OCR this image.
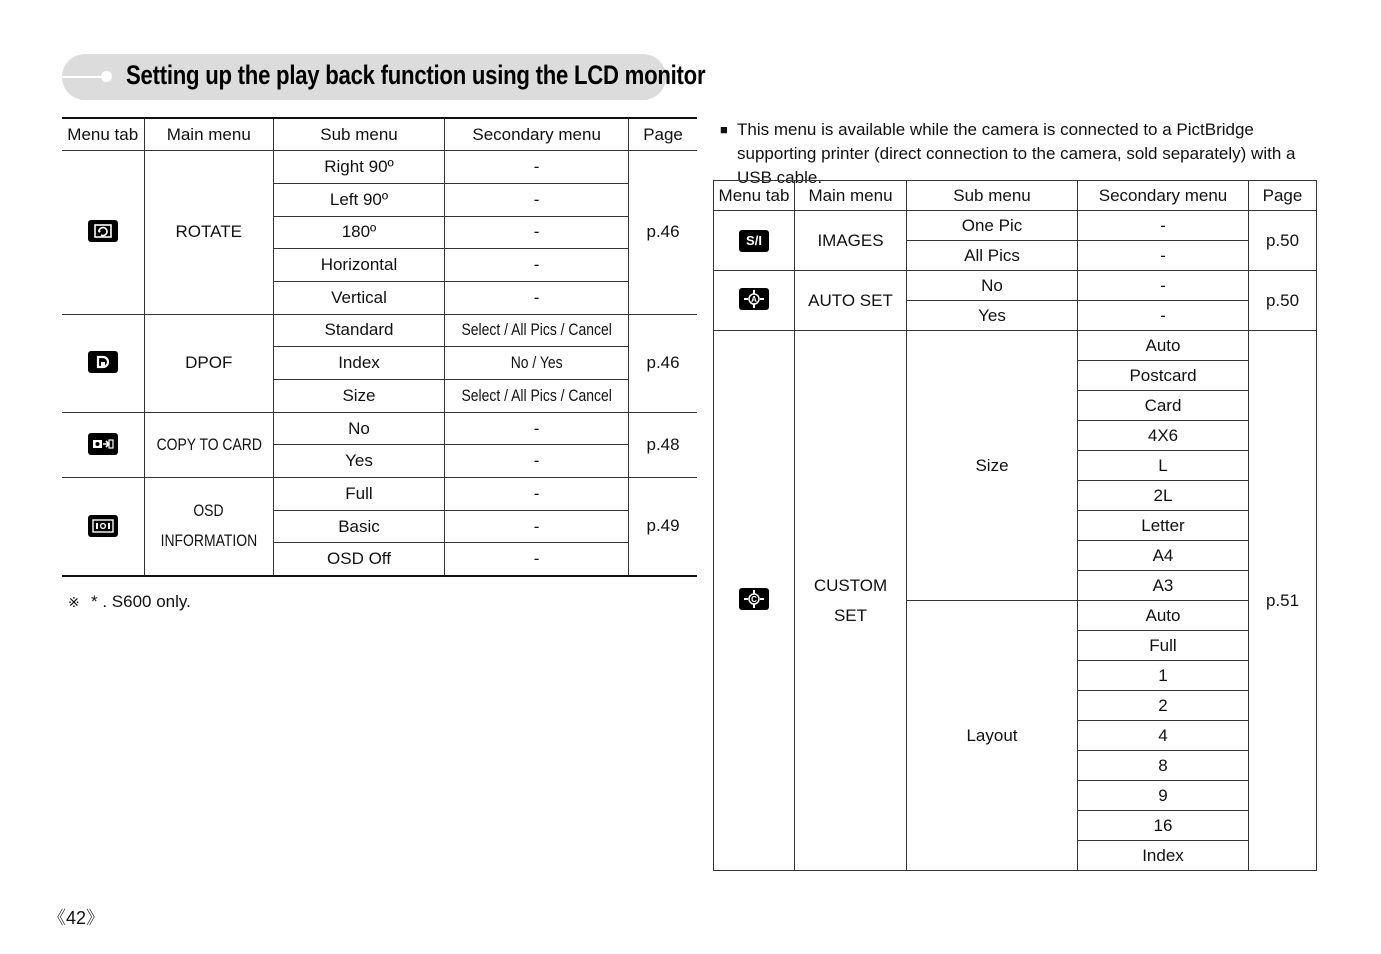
Setting up the play back function using the LCD monitor
Menu tab	Main menu	Sub menu	Secondary menu	Page

	ROTATE	Right 90º	-	p.46
		Left 90º	-	
		180º	-	
		Horizontal	-	
		Vertical	-	

	DPOF	Standard	Select / All Pics / Cancel	p.46
		Index	No / Yes	
		Size	Select / All Pics / Cancel	

	COPY TO CARD	No	-	p.48
		Yes	-	

	OSD
INFORMATION	Full	-	p.49
		Basic	-	
		OSD Off	-	
※ * . S600 only.
■ This menu is available while the camera is connected to a PictBridge supporting printer (direct connection to the camera, sold separately) with a USB cable.
Menu tab	Main menu	Sub menu	Secondary menu	Page
S/I	IMAGES	One Pic	-	p.50
		All Pics	-	

A	AUTO SET	No	-	p.50
		Yes	-	

C	CUSTOM
SET	Size	Auto	p.51
			Postcard	
			Card	
			4X6	
			L	
			2L	
			Letter	
			A4	
			A3	
		Layout	Auto	
			Full	
			1	
			2	
			4	
			8	
			9	
			16	
			Index	
《42》
